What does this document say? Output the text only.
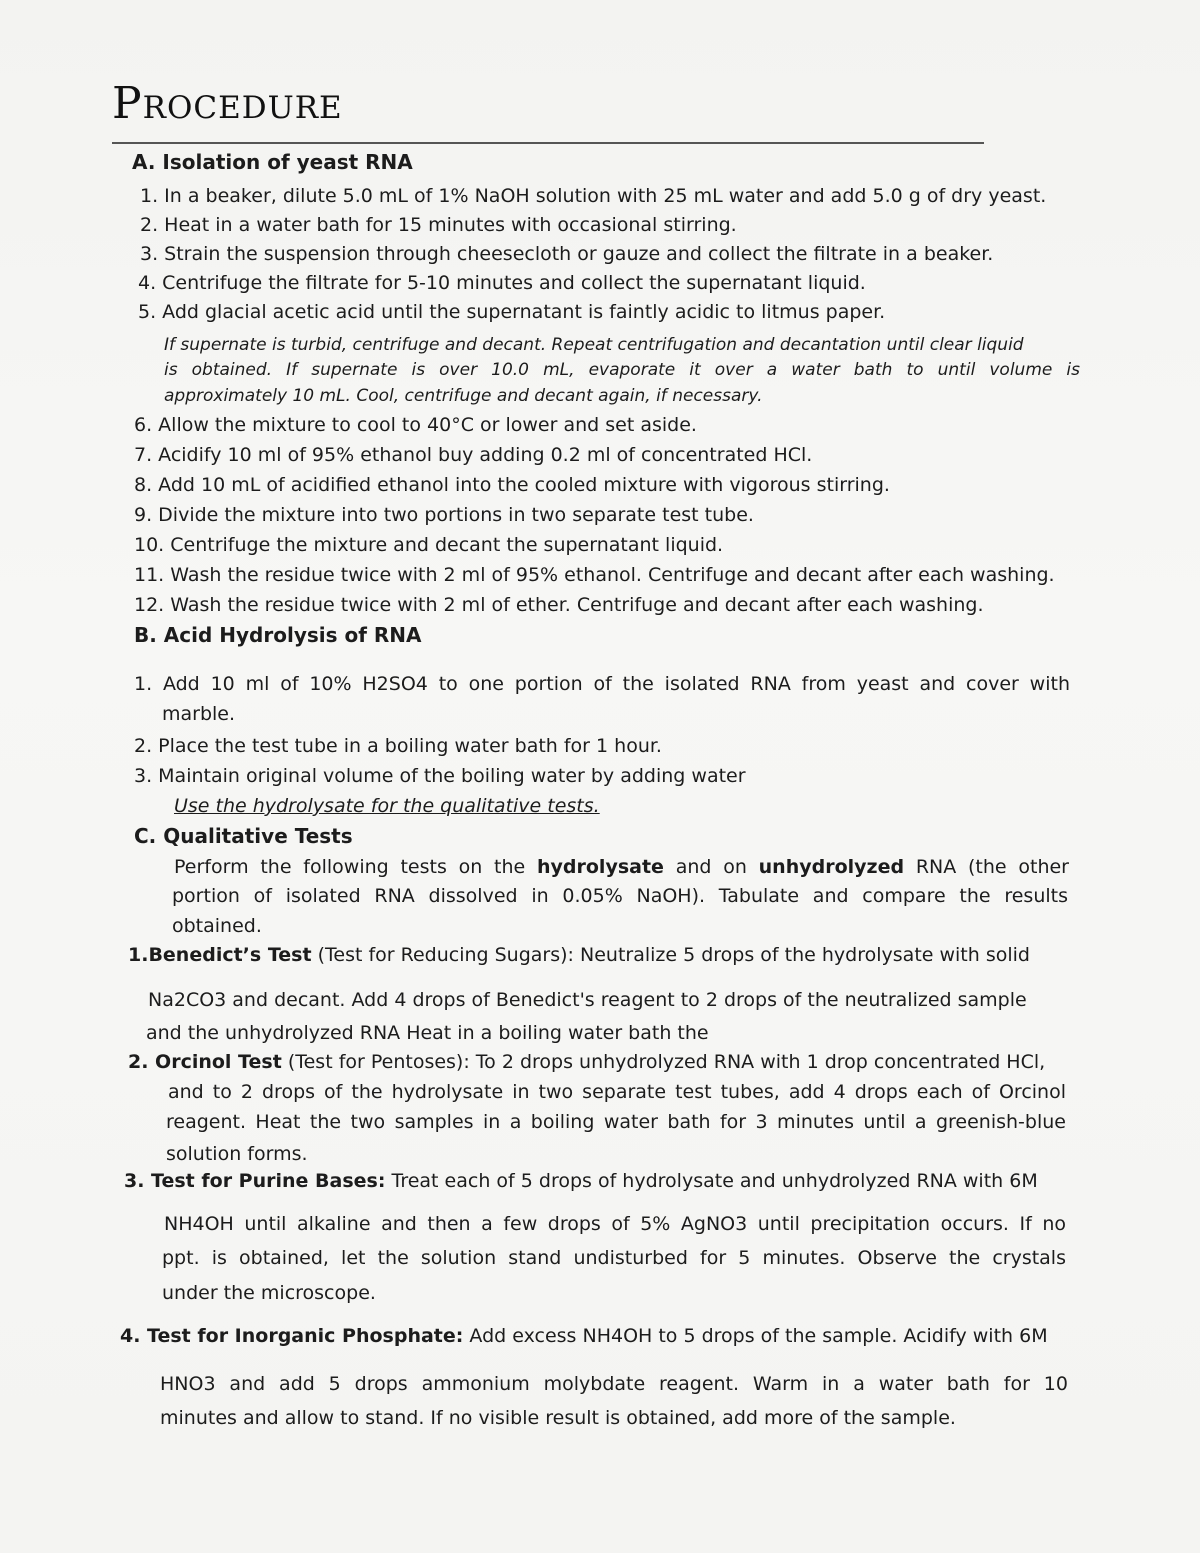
Procedure
A. Isolation of yeast RNA
1. In a beaker, dilute 5.0 mL of 1% NaOH solution with 25 mL water and add 5.0 g of dry yeast.
2. Heat in a water bath for 15 minutes with occasional stirring.
3. Strain the suspension through cheesecloth or gauze and collect the filtrate in a beaker.
4. Centrifuge the filtrate for 5-10 minutes and collect the supernatant liquid.
5. Add glacial acetic acid until the supernatant is faintly acidic to litmus paper.
If supernate is turbid, centrifuge and decant. Repeat centrifugation and decantation until clear liquid
is obtained. If supernate is over 10.0 mL, evaporate it over a water bath to until volume is
approximately 10 mL. Cool, centrifuge and decant again, if necessary.
6. Allow the mixture to cool to 40°C or lower and set aside.
7. Acidify 10 ml of 95% ethanol buy adding 0.2 ml of concentrated HCl.
8. Add 10 mL of acidified ethanol into the cooled mixture with vigorous stirring.
9. Divide the mixture into two portions in two separate test tube.
10. Centrifuge the mixture and decant the supernatant liquid.
11. Wash the residue twice with 2 ml of 95% ethanol. Centrifuge and decant after each washing.
12. Wash the residue twice with 2 ml of ether. Centrifuge and decant after each washing.
B. Acid Hydrolysis of RNA
1. Add 10 ml of 10% H2SO4 to one portion of the isolated RNA from yeast and cover with
marble.
2. Place the test tube in a boiling water bath for 1 hour.
3. Maintain original volume of the boiling water by adding water
Use the hydrolysate for the qualitative tests.
C. Qualitative Tests
Perform the following tests on the hydrolysate and on unhydrolyzed RNA (the other
portion of isolated RNA dissolved in 0.05% NaOH). Tabulate and compare the results
obtained.
1.Benedict’s Test (Test for Reducing Sugars): Neutralize 5 drops of the hydrolysate with solid
Na2CO3 and decant. Add 4 drops of Benedict's reagent to 2 drops of the neutralized sample
and the unhydrolyzed RNA Heat in a boiling water bath the
2. Orcinol Test (Test for Pentoses): To 2 drops unhydrolyzed RNA with 1 drop concentrated HCl,
and to 2 drops of the hydrolysate in two separate test tubes, add 4 drops each of Orcinol
reagent. Heat the two samples in a boiling water bath for 3 minutes until a greenish-blue
solution forms.
3. Test for Purine Bases: Treat each of 5 drops of hydrolysate and unhydrolyzed RNA with 6M
NH4OH until alkaline and then a few drops of 5% AgNO3 until precipitation occurs. If no
ppt. is obtained, let the solution stand undisturbed for 5 minutes. Observe the crystals
under the microscope.
4. Test for Inorganic Phosphate: Add excess NH4OH to 5 drops of the sample. Acidify with 6M
HNO3 and add 5 drops ammonium molybdate reagent. Warm in a water bath for 10
minutes and allow to stand. If no visible result is obtained, add more of the sample.
